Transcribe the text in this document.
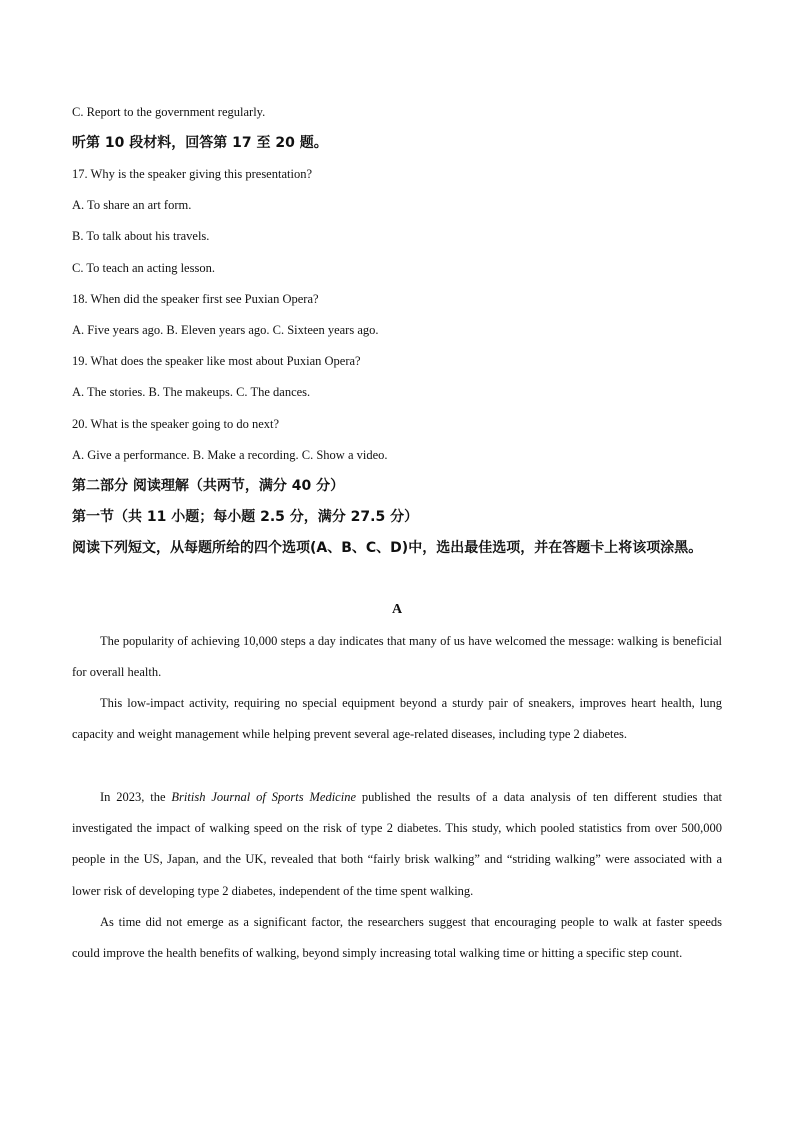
C. Report to the government regularly.

听第 10 段材料，回答第 17 至 20 题。

17. Why is the speaker giving this presentation?

A. To share an art form.

B. To talk about his travels.

C. To teach an acting lesson.

18. When did the speaker first see Puxian Opera?

A. Five years ago. B. Eleven years ago. C. Sixteen years ago.

19. What does the speaker like most about Puxian Opera?

A. The stories. B. The makeups. C. The dances.

20. What is the speaker going to do next?

A. Give a performance. B. Make a recording. C. Show a video.

第二部分 阅读理解（共两节，满分 40 分）

第一节（共 11 小题；每小题 2.5 分，满分 27.5 分）

阅读下列短文，从每题所给的四个选项(A、B、C、D)中，选出最佳选项，并在答题卡上将该项涂黑。

A

The popularity of achieving 10,000 steps a day indicates that many of us have welcomed the message: walking is beneficial for overall health.

This low-impact activity, requiring no special equipment beyond a sturdy pair of sneakers, improves heart health, lung capacity and weight management while helping prevent several age-related diseases, including type 2 diabetes.

In 2023, the British Journal of Sports Medicine published the results of a data analysis of ten different studies that investigated the impact of walking speed on the risk of type 2 diabetes. This study, which pooled statistics from over 500,000 people in the US, Japan, and the UK, revealed that both “fairly brisk walking” and “striding walking” were associated with a lower risk of developing type 2 diabetes, independent of the time spent walking.

As time did not emerge as a significant factor, the researchers suggest that encouraging people to walk at faster speeds could improve the health benefits of walking, beyond simply increasing total walking time or hitting a specific step count.
